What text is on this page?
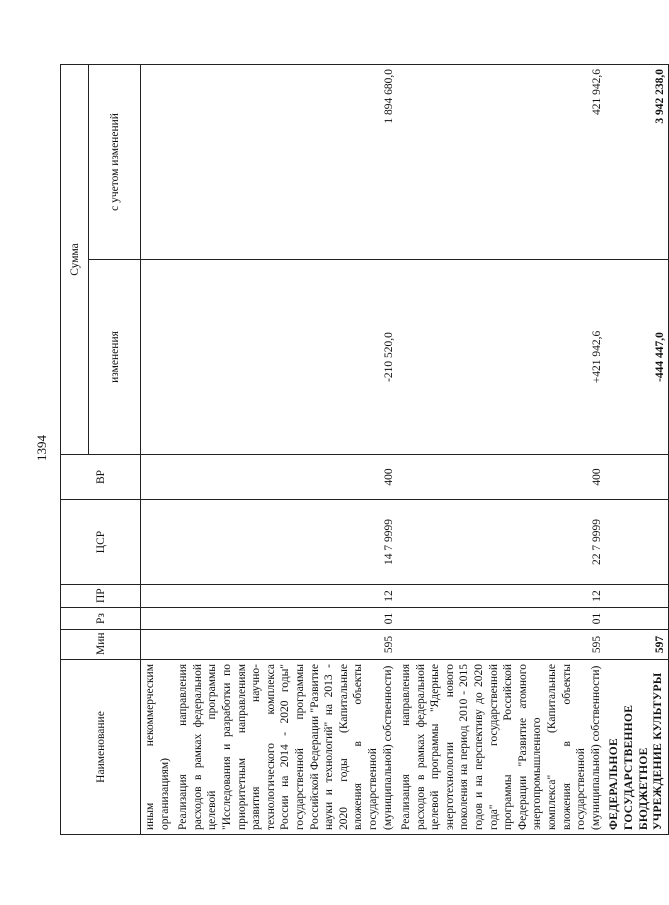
1394
Наименование	Мин	Рз	ПР	ЦСР	ВР	Сумма	
						изменения	с учетом изменений
иным некоммерческим организациям)							
Реализация направления расходов в рамках федеральной целевой программы "Исследования и разработки по приоритетным направлениям развития научно-технологического комплекса России на 2014 - 2020 годы" государственной программы Российской Федерации "Развитие науки и технологий" на 2013 - 2020 годы (Капитальные вложения в объекты государственной (муниципальной) собственности)	595	01	12	14 7 9999	400	-210 520,0	1 894 680,0
Реализация направления расходов в рамках федеральной целевой программы "Ядерные энерготехнологии нового поколения на период 2010 - 2015 годов и на перспективу до 2020 года" государственной программы Российской Федерации "Развитие атомного энергопромышленного комплекса" (Капитальные вложения в объекты государственной (муниципальной) собственности)	595	01	12	22 7 9999	400	+421 942,6	421 942,6
ФЕДЕРАЛЬНОЕ ГОСУДАРСТВЕННОЕ БЮДЖЕТНОЕ УЧРЕЖДЕНИЕ КУЛЬТУРЫ	597					-444 447,0	3 942 238,0
